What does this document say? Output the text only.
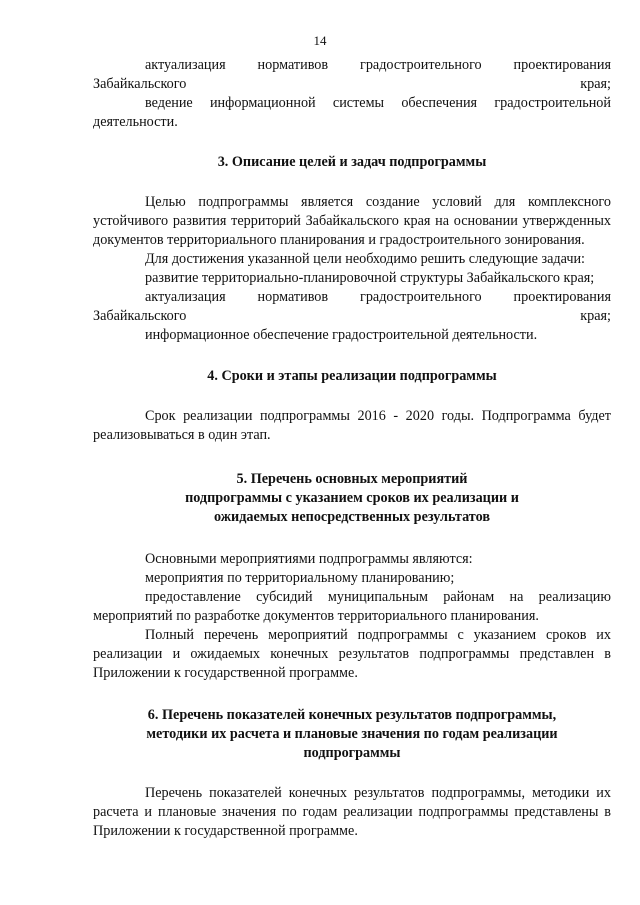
14

актуализация нормативов градостроительного проектирования Забайкальского края;

ведение информационной системы обеспечения градостроительной деятельности.

3. Описание целей и задач подпрограммы

Целью подпрограммы является создание условий для комплексного устойчивого развития территорий Забайкальского края на основании утвержденных документов территориального планирования и градостроительного зонирования.

Для достижения указанной цели необходимо решить следующие задачи:

развитие территориально-планировочной структуры Забайкальского края;

актуализация нормативов градостроительного проектирования Забайкальского края;

информационное обеспечение градостроительной деятельности.

4. Сроки и этапы реализации подпрограммы

Срок реализации подпрограммы 2016 - 2020 годы. Подпрограмма будет реализовываться в один этап.

5. Перечень основных мероприятий
подпрограммы с указанием сроков их реализации и
ожидаемых непосредственных результатов

Основными мероприятиями подпрограммы являются:

мероприятия по территориальному планированию;

предоставление субсидий муниципальным районам на реализацию мероприятий по разработке документов территориального планирования.

Полный перечень мероприятий подпрограммы с указанием сроков их реализации и ожидаемых конечных результатов подпрограммы представлен в Приложении к государственной программе.

6. Перечень показателей конечных результатов подпрограммы,
методики их расчета и плановые значения по годам реализации
подпрограммы

Перечень показателей конечных результатов подпрограммы, методики их расчета и плановые значения по годам реализации подпрограммы представлены в Приложении к государственной программе.
